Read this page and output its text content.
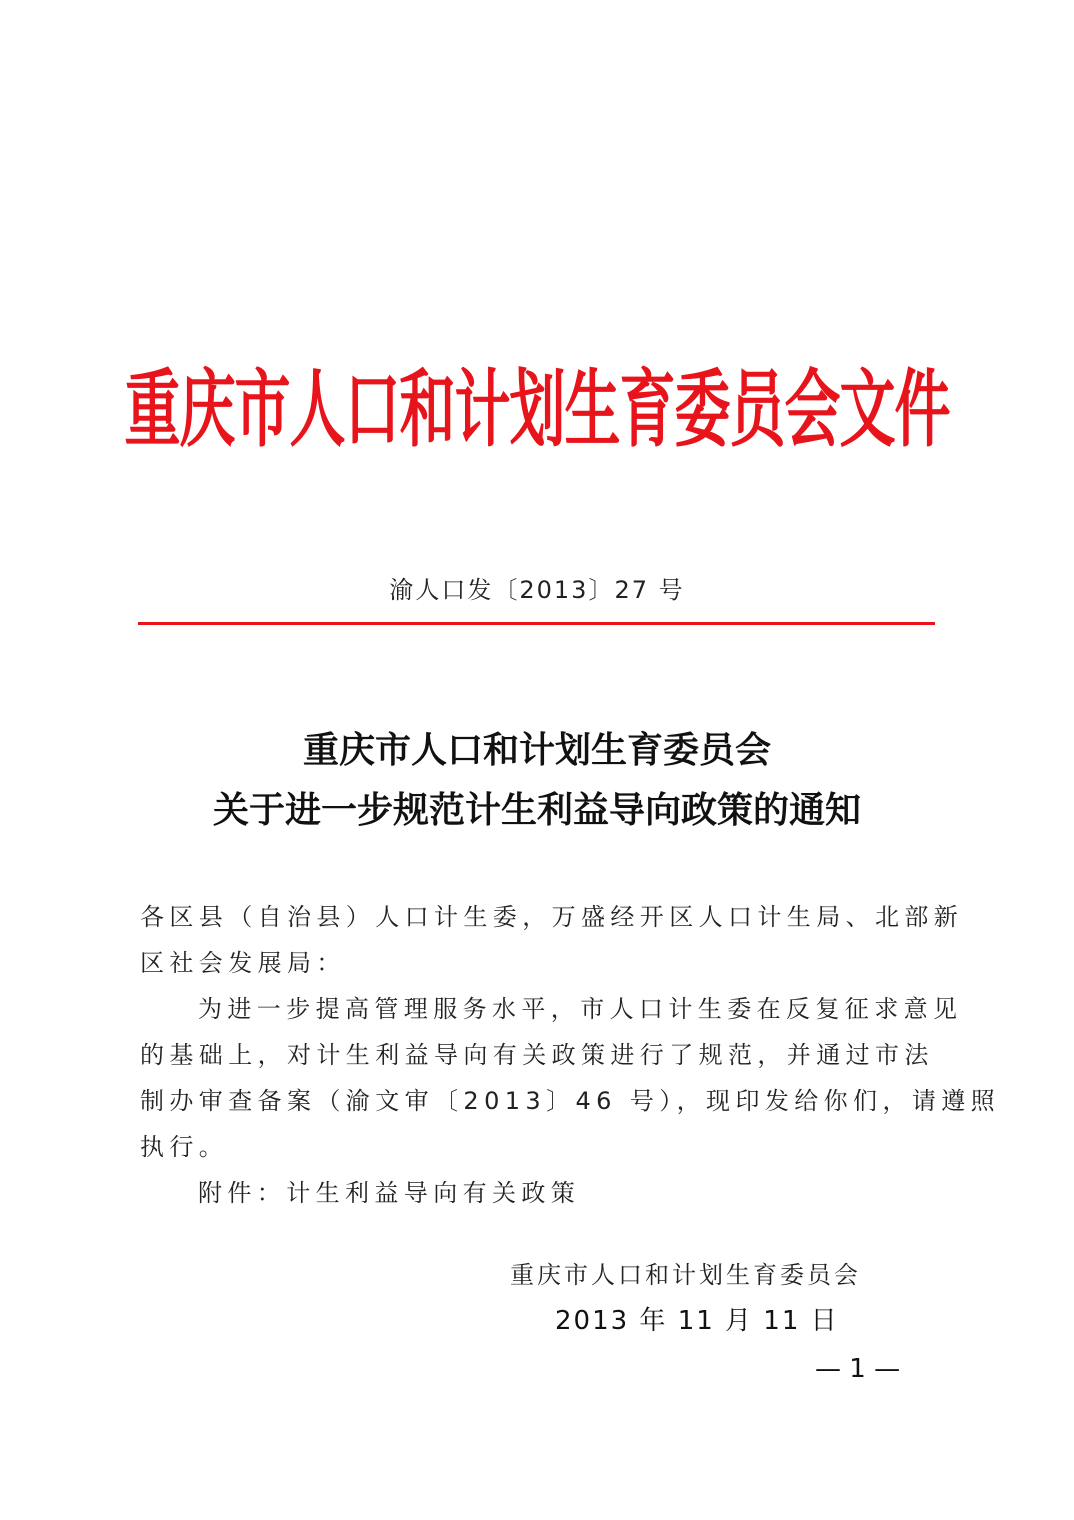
重庆市人口和计划生育委员会文件
渝人口发〔2013〕27 号
重庆市人口和计划生育委员会
关于进一步规范计生利益导向政策的通知
各区县（自治县）人口计生委，万盛经开区人口计生局、北部新
区社会发展局：
为进一步提高管理服务水平，市人口计生委在反复征求意见
的基础上，对计生利益导向有关政策进行了规范，并通过市法
制办审查备案（渝文审〔2013〕46 号），现印发给你们，请遵照
执行。
附件：计生利益导向有关政策
重庆市人口和计划生育委员会
2013 年 11 月 11 日
— 1 —
